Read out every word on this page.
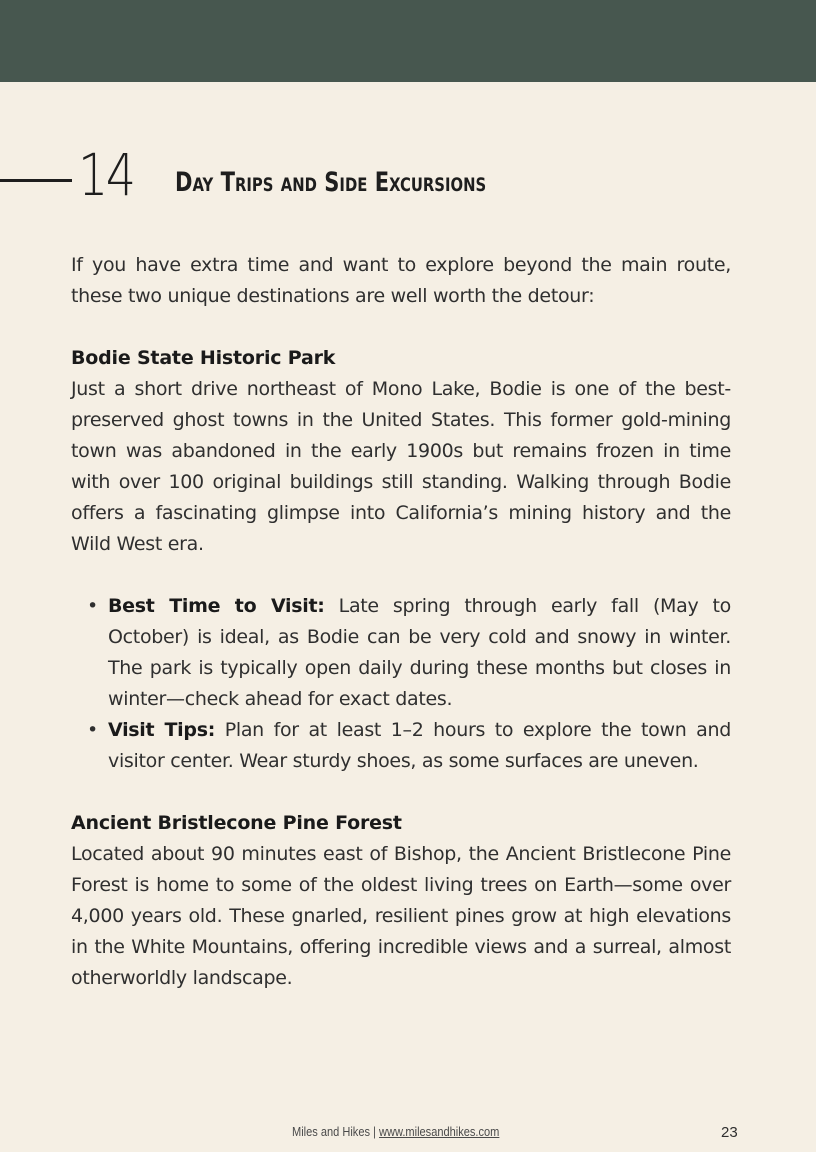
14 Day Trips and Side Excursions

If you have extra time and want to explore beyond the main route, these two unique destinations are well worth the detour:

Bodie State Historic Park

Just a short drive northeast of Mono Lake, Bodie is one of the best-preserved ghost towns in the United States. This former gold-mining town was abandoned in the early 1900s but remains frozen in time with over 100 original buildings still standing. Walking through Bodie offers a fascinating glimpse into California’s mining history and the Wild West era.

• Best Time to Visit: Late spring through early fall (May to October) is ideal, as Bodie can be very cold and snowy in winter. The park is typically open daily during these months but closes in winter—check ahead for exact dates.
• Visit Tips: Plan for at least 1–2 hours to explore the town and visitor center. Wear sturdy shoes, as some surfaces are uneven.
Ancient Bristlecone Pine Forest

Located about 90 minutes east of Bishop, the Ancient Bristlecone Pine Forest is home to some of the oldest living trees on Earth—some over 4,000 years old. These gnarled, resilient pines grow at high elevations in the White Mountains, offering incredible views and a surreal, almost otherworldly landscape.

Miles and Hikes | www.milesandhikes.com	23
